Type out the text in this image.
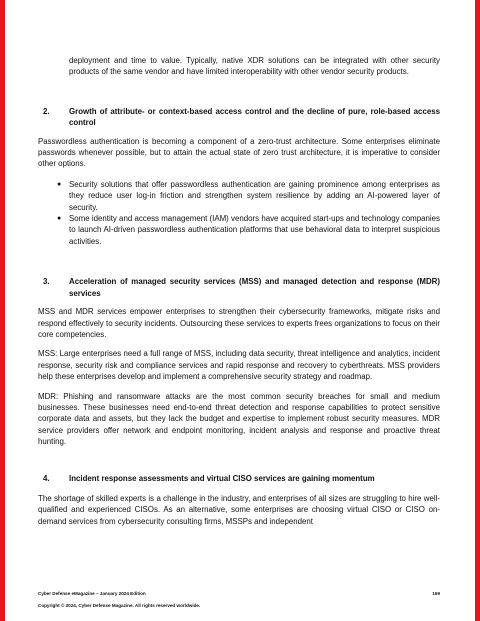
deployment and time to value. Typically, native XDR solutions can be integrated with other security products of the same vendor and have limited interoperability with other vendor security products.

2. Growth of attribute- or context-based access control and the decline of pure, role-based access control

Passwordless authentication is becoming a component of a zero-trust architecture. Some enterprises eliminate passwords whenever possible, but to attain the actual state of zero trust architecture, it is imperative to consider other options.

● Security solutions that offer passwordless authentication are gaining prominence among enterprises as they reduce user log-in friction and strengthen system resilience by adding an AI-powered layer of security.
● Some identity and access management (IAM) vendors have acquired start-ups and technology companies to launch AI-driven passwordless authentication platforms that use behavioral data to interpret suspicious activities.
3. Acceleration of managed security services (MSS) and managed detection and response (MDR) services

MSS and MDR services empower enterprises to strengthen their cybersecurity frameworks, mitigate risks and respond effectively to security incidents. Outsourcing these services to experts frees organizations to focus on their core competencies.

MSS: Large enterprises need a full range of MSS, including data security, threat intelligence and analytics, incident response, security risk and compliance services and rapid response and recovery to cyberthreats. MSS providers help these enterprises develop and implement a comprehensive security strategy and roadmap.

MDR: Phishing and ransomware attacks are the most common security breaches for small and medium businesses. These businesses need end-to-end threat detection and response capabilities to protect sensitive corporate data and assets, but they lack the budget and expertise to implement robust security measures. MDR service providers offer network and endpoint monitoring, incident analysis and response and proactive threat hunting.

4. Incident response assessments and virtual CISO services are gaining momentum

The shortage of skilled experts is a challenge in the industry, and enterprises of all sizes are struggling to hire well-qualified and experienced CISOs. As an alternative, some enterprises are choosing virtual CISO or CISO on-demand services from cybersecurity consulting firms, MSSPs and independent

Cyber Defense eMagazine – January 2024 Edition	169
Copyright © 2024, Cyber Defense Magazine. All rights reserved worldwide.
